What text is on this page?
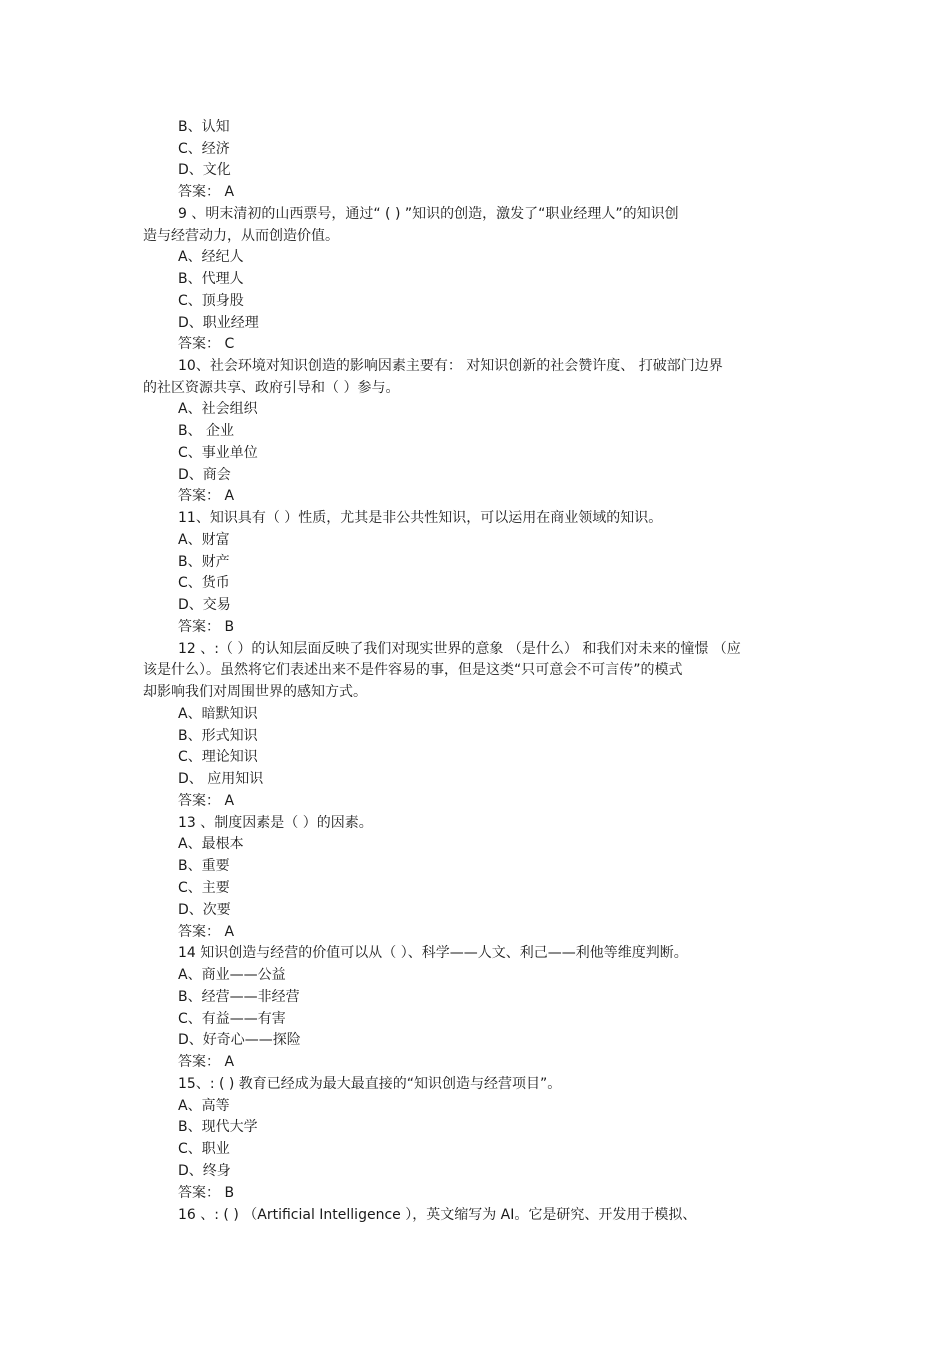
B、认知
C、经济
D、文化
答案： A
9 、明末清初的山西票号，通过“ ( ) ”知识的创造，激发了“职业经理人”的知识创
造与经营动力，从而创造价值。
A、经纪人
B、代理人
C、顶身股
D、职业经理
答案： C
10、社会环境对知识创造的影响因素主要有： 对知识创新的社会赞许度、 打破部门边界
的社区资源共享、政府引导和（ ）参与。
A、社会组织
B、 企业
C、事业单位
D、商会
答案： A
11、知识具有（ ）性质，尤其是非公共性知识，可以运用在商业领域的知识。
A、财富
B、财产
C、货币
D、交易
答案： B
12 、:（ ）的认知层面反映了我们对现实世界的意象 （是什么） 和我们对未来的憧憬 （应
该是什么）。虽然将它们表述出来不是件容易的事，但是这类“只可意会不可言传”的模式
却影响我们对周围世界的感知方式。
A、暗默知识
B、形式知识
C、理论知识
D、 应用知识
答案： A
13 、制度因素是（ ）的因素。
A、最根本
B、重要
C、主要
D、次要
答案： A
14 知识创造与经营的价值可以从（ ）、科学——人文、利己——利他等维度判断。
A、商业——公益
B、经营——非经营
C、有益——有害
D、好奇心——探险
答案： A
15、: ( ) 教育已经成为最大最直接的“知识创造与经营项目”。
A、高等
B、现代大学
C、职业
D、终身
答案： B
16 、: ( ) （Artificial Intelligence ），英文缩写为 AI。它是研究、开发用于模拟、
